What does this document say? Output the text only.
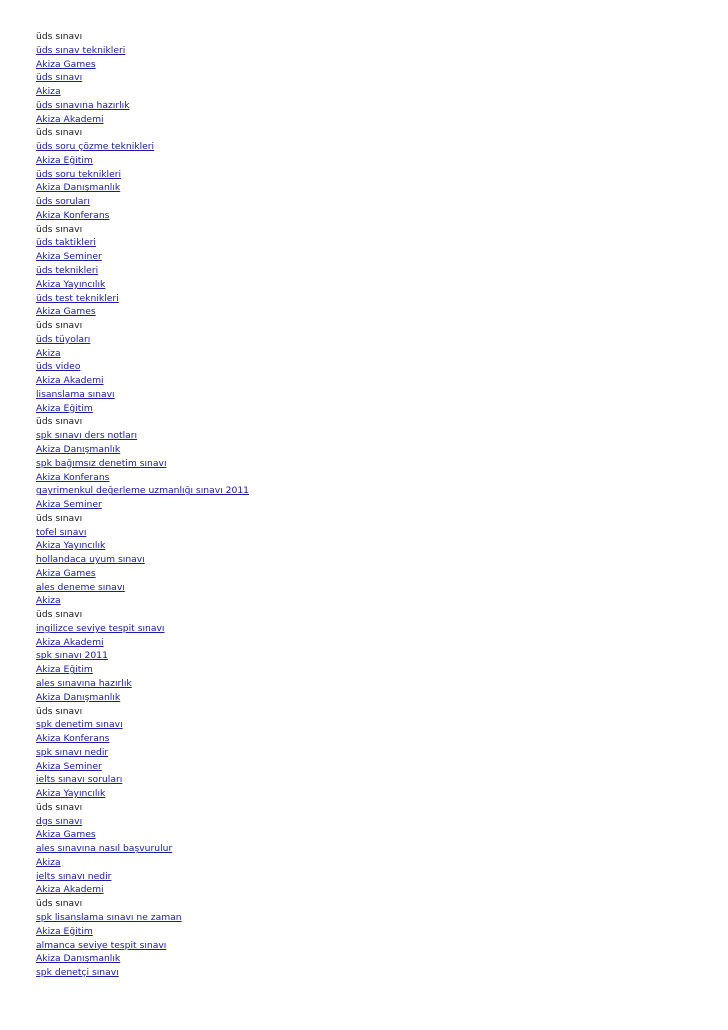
üds sınavı
üds sınav teknikleri
Akiza Games
üds sınavı
Akiza
üds sınavına hazırlık
Akiza Akademi
üds sınavı
üds soru çözme teknikleri
Akiza Eğitim
üds soru teknikleri
Akiza Danışmanlık
üds soruları
Akiza Konferans
üds sınavı
üds taktikleri
Akiza Seminer
üds teknikleri
Akiza Yayıncılık
üds test teknikleri
Akiza Games
üds sınavı
üds tüyoları
Akiza
üds video
Akiza Akademi
lisanslama sınavı
Akiza Eğitim
üds sınavı
spk sınavı ders notları
Akiza Danışmanlık
spk bağımsız denetim sınavı
Akiza Konferans
gayrimenkul değerleme uzmanlığı sınavı 2011
Akiza Seminer
üds sınavı
tofel sınavı
Akiza Yayıncılık
hollandaca uyum sınavı
Akiza Games
ales deneme sınavı
Akiza
üds sınavı
ingilizce seviye tespit sınavı
Akiza Akademi
spk sınavı 2011
Akiza Eğitim
ales sınavına hazırlık
Akiza Danışmanlık
üds sınavı
spk denetim sınavı
Akiza Konferans
spk sınavı nedir
Akiza Seminer
ielts sınavı soruları
Akiza Yayıncılık
üds sınavı
dgs sınavı
Akiza Games
ales sınavına nasıl başvurulur
Akiza
ielts sınavı nedir
Akiza Akademi
üds sınavı
spk lisanslama sınavı ne zaman
Akiza Eğitim
almanca seviye tespit sınavı
Akiza Danışmanlık
spk denetçi sınavı
